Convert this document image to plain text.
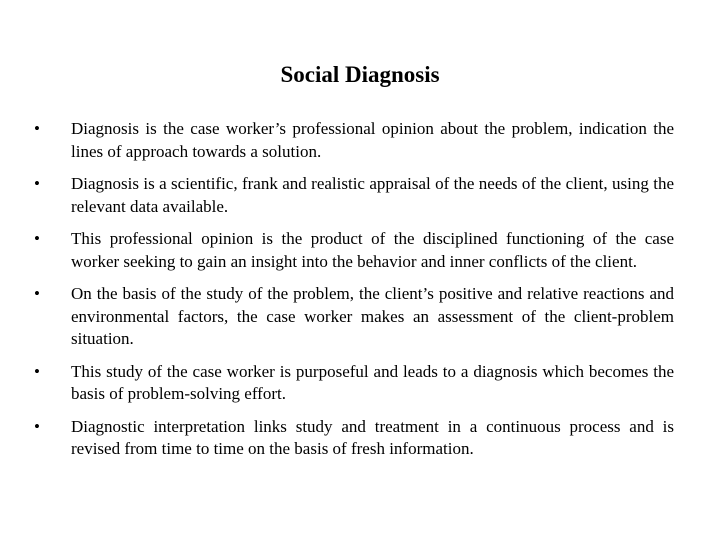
Social Diagnosis
•	Diagnosis is the case worker’s professional opinion about the problem, indication the lines of approach towards a solution.
•	Diagnosis is a scientific, frank and realistic appraisal of the needs of the client, using the relevant data available.
•	This professional opinion is the product of the disciplined functioning of the case worker seeking to gain an insight into the behavior and inner conflicts of the client.
•	On the basis of the study of the problem, the client’s positive and relative reactions and environmental factors, the case worker makes an assessment of the client-problem situation.
•	This study of the case worker is purposeful and leads to a diagnosis which becomes the basis of problem-solving effort.
•	Diagnostic interpretation links study and treatment in a continuous process and is revised from time to time on the basis of fresh information.
